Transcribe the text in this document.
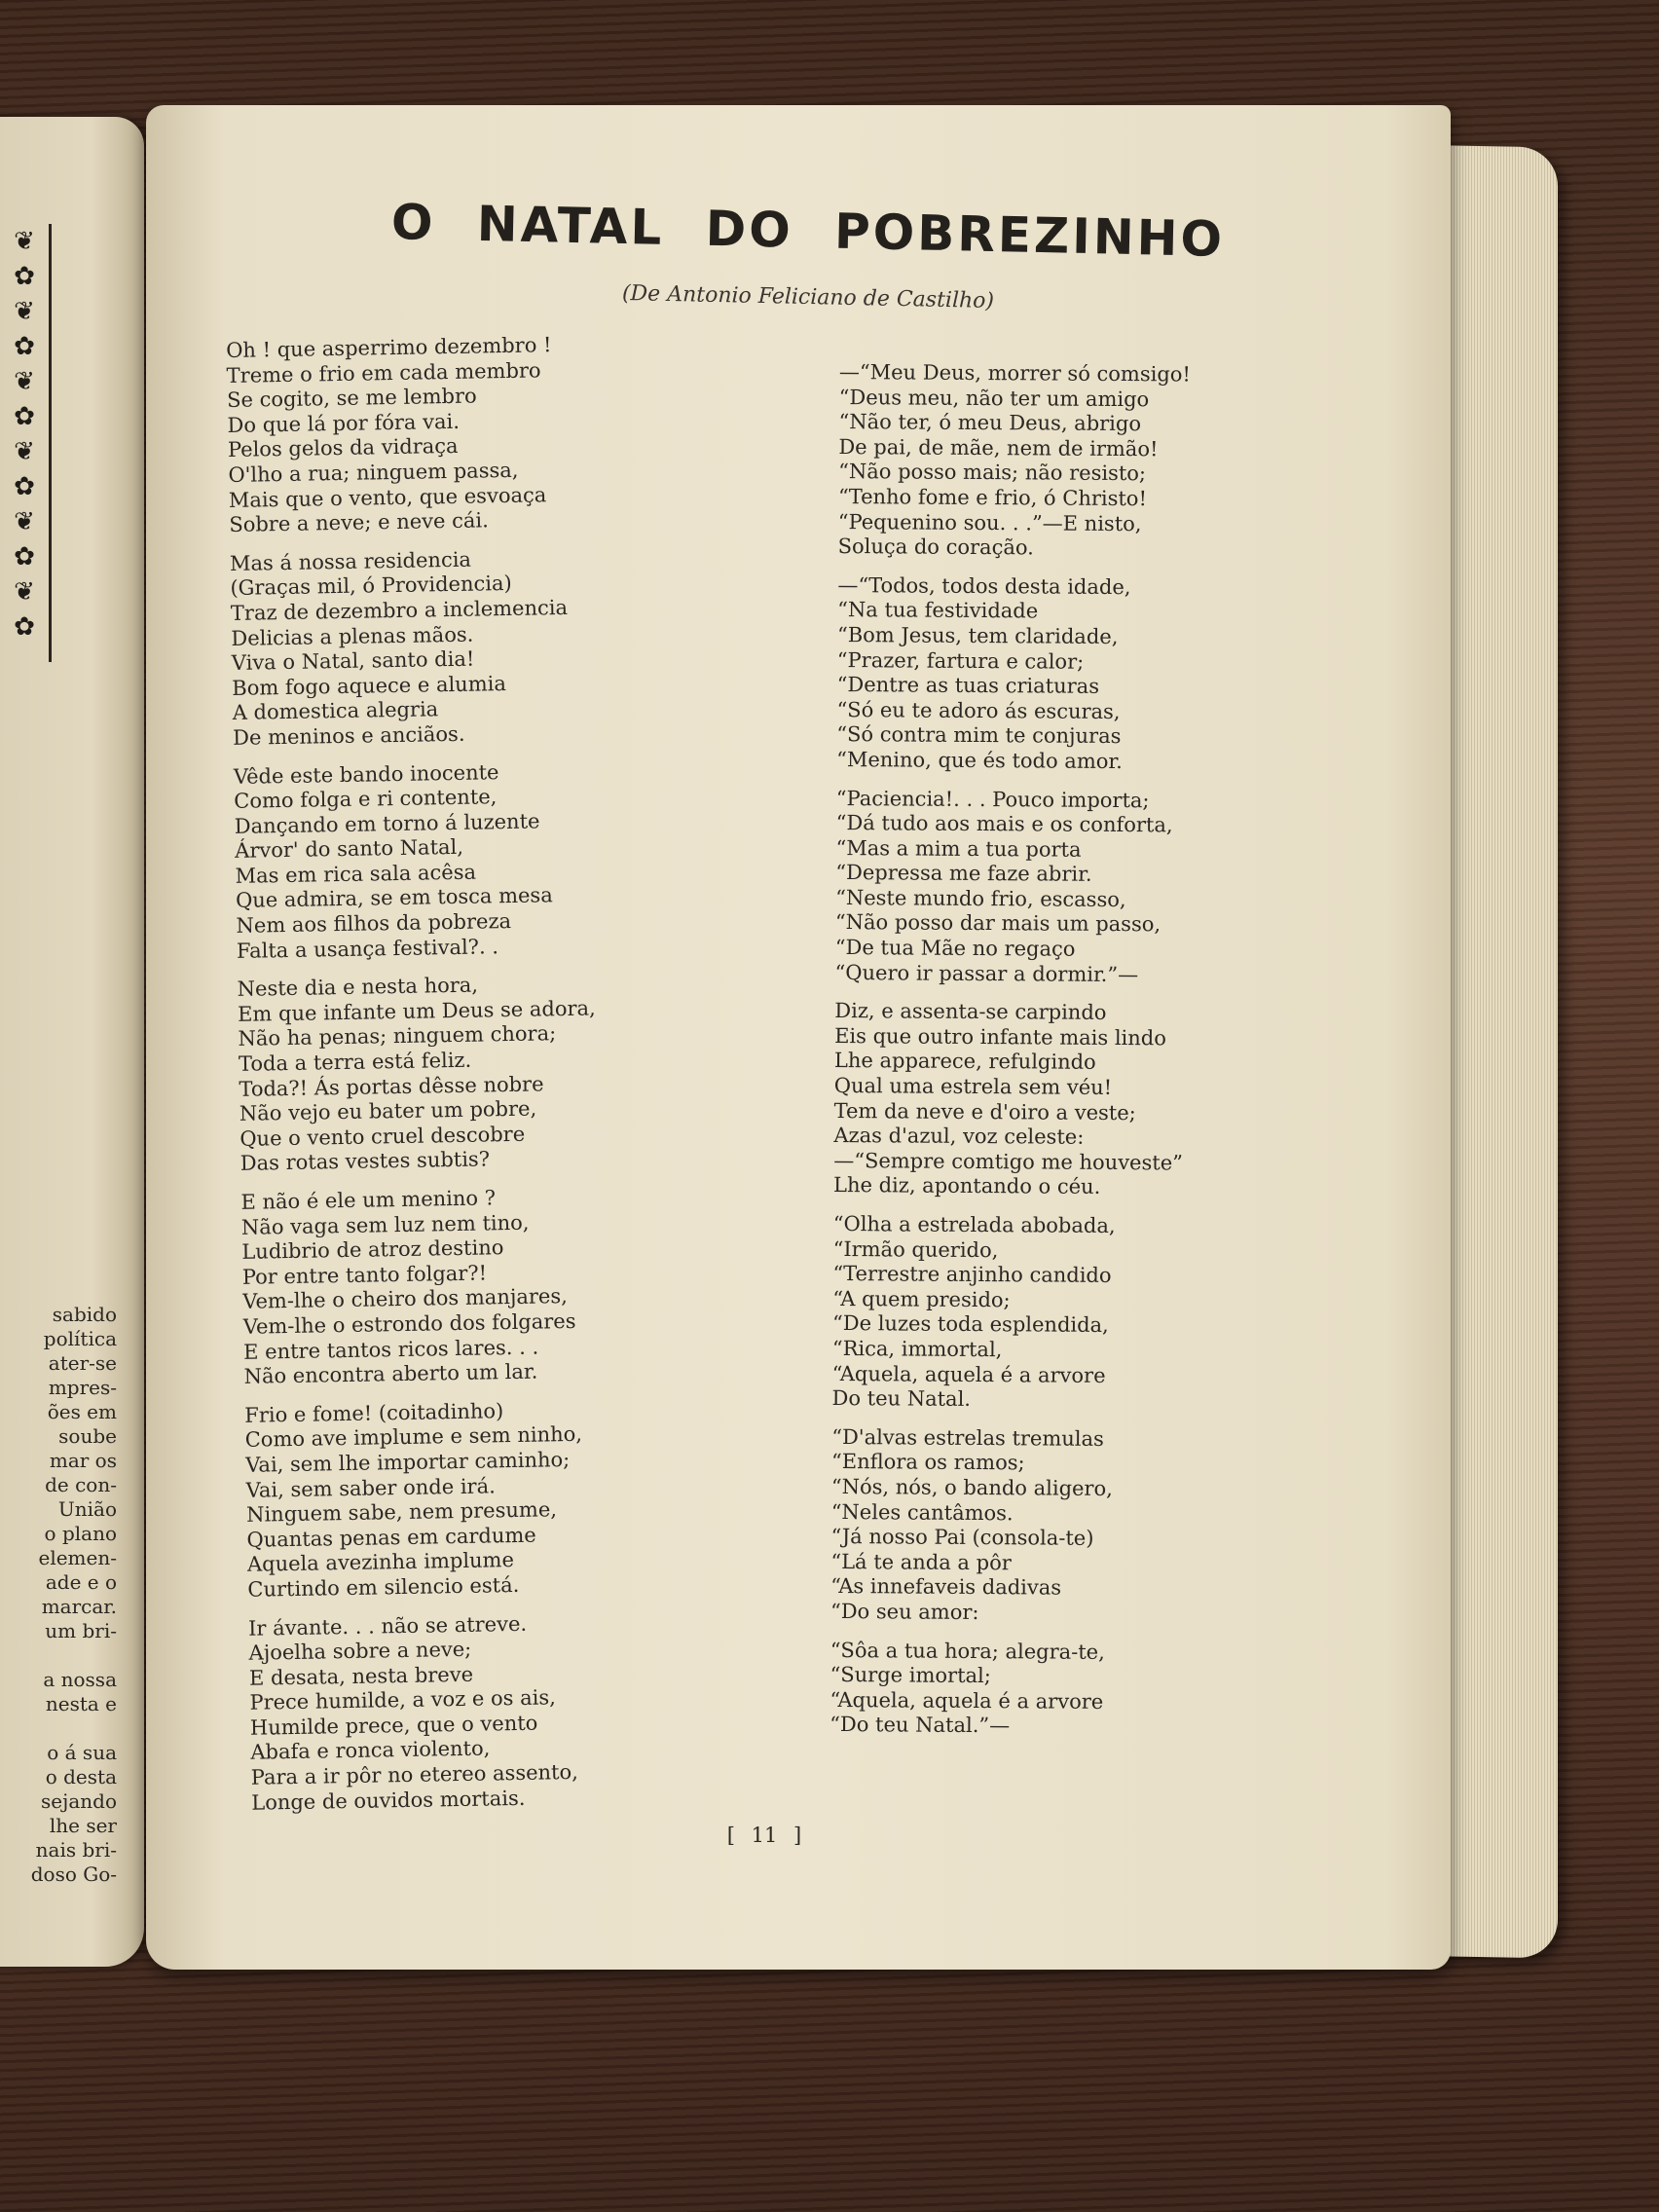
❦
✿
❦
✿
❦
✿
❦
✿
❦
✿
❦
✿
sabido
política
ater-se
mpres-
ões em
soube
mar os
de con-
União
o plano
elemen-
ade e o
marcar.
um bri-

a nossa
nesta e

o á sua
o desta
sejando
lhe ser
nais bri-
doso Go-
O NATAL DO POBREZINHO
(De Antonio Feliciano de Castilho)
Oh ! que asperrimo dezembro !
Treme o frio em cada membro
Se cogito, se me lembro
Do que lá por fóra vai.
Pelos gelos da vidraça
O'lho a rua; ninguem passa,
Mais que o vento, que esvoaça
Sobre a neve; e neve cái.
Mas á nossa residencia
(Graças mil, ó Providencia)
Traz de dezembro a inclemencia
Delicias a plenas mãos.
Viva o Natal, santo dia!
Bom fogo aquece e alumia
A domestica alegria
De meninos e anciãos.
Vêde este bando inocente
Como folga e ri contente,
Dançando em torno á luzente
Árvor' do santo Natal,
Mas em rica sala acêsa
Que admira, se em tosca mesa
Nem aos filhos da pobreza
Falta a usança festival?. .
Neste dia e nesta hora,
Em que infante um Deus se adora,
Não ha penas; ninguem chora;
Toda a terra está feliz.
Toda?! Ás portas dêsse nobre
Não vejo eu bater um pobre,
Que o vento cruel descobre
Das rotas vestes subtis?
E não é ele um menino ?
Não vaga sem luz nem tino,
Ludibrio de atroz destino
Por entre tanto folgar?!
Vem-lhe o cheiro dos manjares,
Vem-lhe o estrondo dos folgares
E entre tantos ricos lares. . .
Não encontra aberto um lar.
Frio e fome! (coitadinho)
Como ave implume e sem ninho,
Vai, sem lhe importar caminho;
Vai, sem saber onde irá.
Ninguem sabe, nem presume,
Quantas penas em cardume
Aquela avezinha implume
Curtindo em silencio está.
Ir ávante. . . não se atreve.
Ajoelha sobre a neve;
E desata, nesta breve
Prece humilde, a voz e os ais,
Humilde prece, que o vento
Abafa e ronca violento,
Para a ir pôr no etereo assento,
Longe de ouvidos mortais.
—“Meu Deus, morrer só comsigo!
“Deus meu, não ter um amigo
“Não ter, ó meu Deus, abrigo
De pai, de mãe, nem de irmão!
“Não posso mais; não resisto;
“Tenho fome e frio, ó Christo!
“Pequenino sou. . .”—E nisto,
Soluça do coração.
—“Todos, todos desta idade,
“Na tua festividade
“Bom Jesus, tem claridade,
“Prazer, fartura e calor;
“Dentre as tuas criaturas
“Só eu te adoro ás escuras,
“Só contra mim te conjuras
“Menino, que és todo amor.
“Paciencia!. . . Pouco importa;
“Dá tudo aos mais e os conforta,
“Mas a mim a tua porta
“Depressa me faze abrir.
“Neste mundo frio, escasso,
“Não posso dar mais um passo,
“De tua Mãe no regaço
“Quero ir passar a dormir.”—
Diz, e assenta-se carpindo
Eis que outro infante mais lindo
Lhe apparece, refulgindo
Qual uma estrela sem véu!
Tem da neve e d'oiro a veste;
Azas d'azul, voz celeste:
—“Sempre comtigo me houveste”
Lhe diz, apontando o céu.
“Olha a estrelada abobada,
“Irmão querido,
“Terrestre anjinho candido
“A quem presido;
“De luzes toda esplendida,
“Rica, immortal,
“Aquela, aquela é a arvore
Do teu Natal.
“D'alvas estrelas tremulas
“Enflora os ramos;
“Nós, nós, o bando aligero,
“Neles cantâmos.
“Já nosso Pai (consola-te)
“Lá te anda a pôr
“As innefaveis dadivas
“Do seu amor:
“Sôa a tua hora; alegra-te,
“Surge imortal;
“Aquela, aquela é a arvore
“Do teu Natal.”—
[ 11 ]
